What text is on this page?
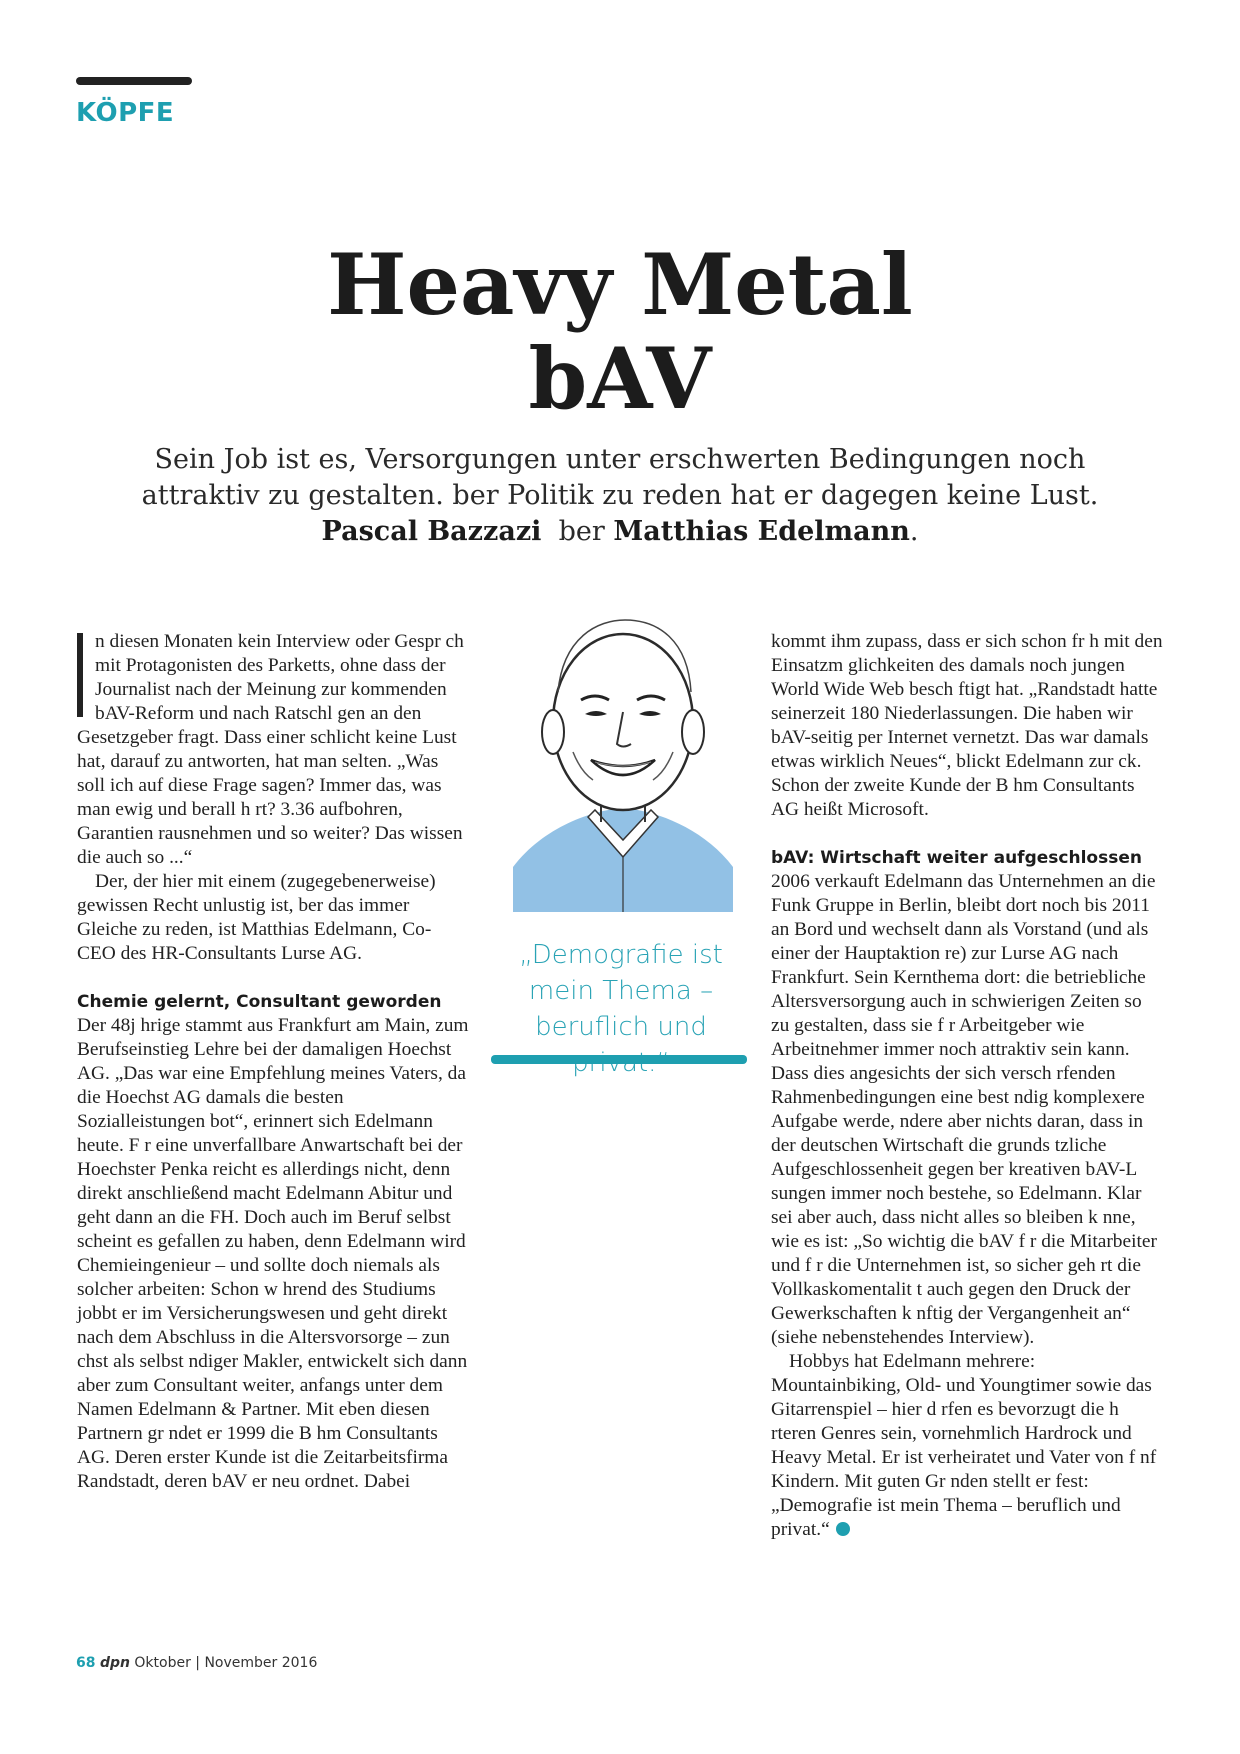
KÖPFE
Heavy Metal
bAV
Sein Job ist es, Versorgungen unter erschwerten Bedingungen noch
attraktiv zu gestalten. ber Politik zu reden hat er dagegen keine Lust.
Pascal Bazzazi  ber Matthias Edelmann.

n diesen Monaten kein Interview oder Gespr ch mit Protagonisten des Parketts, ohne dass der Journalist nach der Meinung zur kommenden bAV-Reform und nach Ratschl gen an den Gesetzgeber fragt. Dass einer schlicht keine Lust hat, darauf zu antworten, hat man selten. „Was soll ich auf diese Frage sagen? Immer das, was man ewig und berall h rt? 3.36 aufbohren, Garantien rausnehmen und so weiter? Das wissen die auch so ...“

Der, der hier mit einem (zugegebenerweise) gewissen Recht unlustig ist, ber das immer Gleiche zu reden, ist Matthias Edelmann, Co-CEO des HR-Consultants Lurse AG.

Chemie gelernt, Consultant geworden

Der 48j hrige stammt aus Frankfurt am Main, zum Berufseinstieg Lehre bei der damaligen Hoechst AG. „Das war eine Empfehlung meines Vaters, da die Hoechst AG damals die besten Sozialleistungen bot“, erinnert sich Edelmann heute. F r eine unverfallbare Anwartschaft bei der Hoechster Penka reicht es allerdings nicht, denn direkt anschließend macht Edelmann Abitur und geht dann an die FH. Doch auch im Beruf selbst scheint es gefallen zu haben, denn Edelmann wird Chemieingenieur – und sollte doch niemals als solcher arbeiten: Schon w hrend des Studiums jobbt er im Versicherungswesen und geht direkt nach dem Abschluss in die Altersvorsorge – zun chst als selbst ndiger Makler, entwickelt sich dann aber zum Consultant weiter, anfangs unter dem Namen Edelmann & Partner. Mit eben diesen Partnern gr ndet er 1999 die B hm Consultants AG. Deren erster Kunde ist die Zeitarbeitsfirma Randstadt, deren bAV er neu ordnet. Dabei

„Demografie ist mein Thema – beruflich und

kommt ihm zupass, dass er sich schon fr h mit den Einsatzm glichkeiten des damals noch jungen World Wide Web besch ftigt hat. „Randstadt hatte seinerzeit 180 Niederlassungen. Die haben wir bAV-seitig per Internet vernetzt. Das war damals etwas wirklich Neues“, blickt Edelmann zur ck. Schon der zweite Kunde der B hm Consultants AG heißt Microsoft.

bAV: Wirtschaft weiter aufgeschlossen

2006 verkauft Edelmann das Unternehmen an die Funk Gruppe in Berlin, bleibt dort noch bis 2011 an Bord und wechselt dann als Vorstand (und als einer der Hauptaktion re) zur Lurse AG nach Frankfurt. Sein Kernthema dort: die betriebliche Altersversorgung auch in schwierigen Zeiten so zu gestalten, dass sie f r Arbeitgeber wie Arbeitnehmer immer noch attraktiv sein kann. Dass dies angesichts der sich versch rfenden Rahmenbedingungen eine best ndig komplexere Aufgabe werde, ndere aber nichts daran, dass in der deutschen Wirtschaft die grunds tzliche Aufgeschlossenheit gegen ber kreativen bAV-L sungen immer noch bestehe, so Edelmann. Klar sei aber auch, dass nicht alles so bleiben k nne, wie es ist: „So wichtig die bAV f r die Mitarbeiter und f r die Unternehmen ist, so sicher geh rt die Vollkaskomentalit t auch gegen den Druck der Gewerkschaften k nftig der Vergangenheit an“ (siehe nebenstehendes Interview).

Hobbys hat Edelmann mehrere: Mountainbiking, Old- und Youngtimer sowie das Gitarrenspiel – hier d rfen es bevorzugt die h rteren Genres sein, vornehmlich Hardrock und Heavy Metal. Er ist verheiratet und Vater von f nf Kindern. Mit guten Gr nden stellt er fest: „Demografie ist mein Thema – beruflich und privat.“

68 dpn Oktober | November 2016
